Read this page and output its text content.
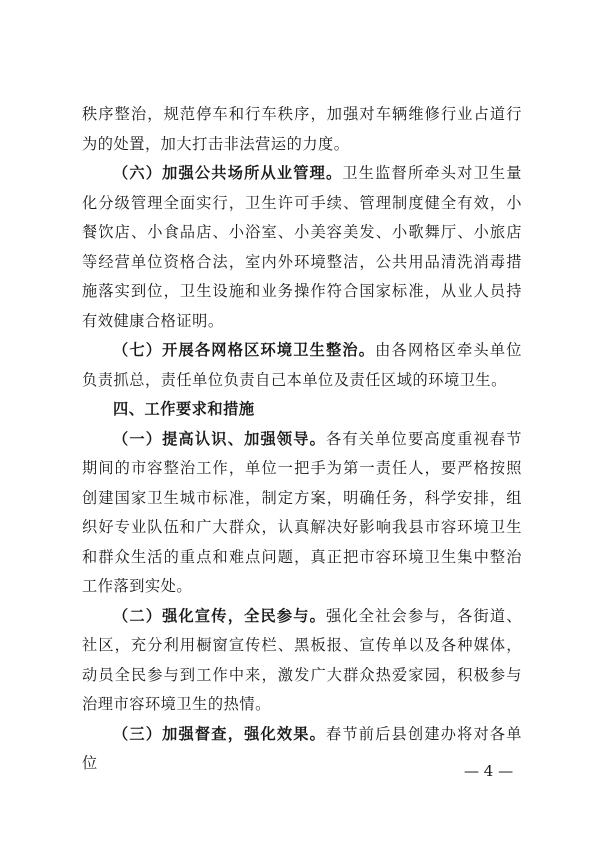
秩序整治，规范停车和行车秩序，加强对车辆维修行业占道行为的处置，加大打击非法营运的力度。

（六）加强公共场所从业管理。卫生监督所牵头对卫生量化分级管理全面实行，卫生许可手续、管理制度健全有效，小餐饮店、小食品店、小浴室、小美容美发、小歌舞厅、小旅店等经营单位资格合法，室内外环境整洁，公共用品清洗消毒措施落实到位，卫生设施和业务操作符合国家标准，从业人员持有效健康合格证明。

（七）开展各网格区环境卫生整治。由各网格区牵头单位负责抓总，责任单位负责自己本单位及责任区域的环境卫生。

四、工作要求和措施

（一）提高认识、加强领导。各有关单位要高度重视春节期间的市容整治工作，单位一把手为第一责任人，要严格按照创建国家卫生城市标准，制定方案，明确任务，科学安排，组织好专业队伍和广大群众，认真解决好影响我县市容环境卫生和群众生活的重点和难点问题，真正把市容环境卫生集中整治工作落到实处。

（二）强化宣传，全民参与。强化全社会参与，各街道、社区，充分利用橱窗宣传栏、黑板报、宣传单以及各种媒体，动员全民参与到工作中来，激发广大群众热爱家园，积极参与治理市容环境卫生的热情。

（三）加强督查，强化效果。春节前后县创建办将对各单位	— 4 —
